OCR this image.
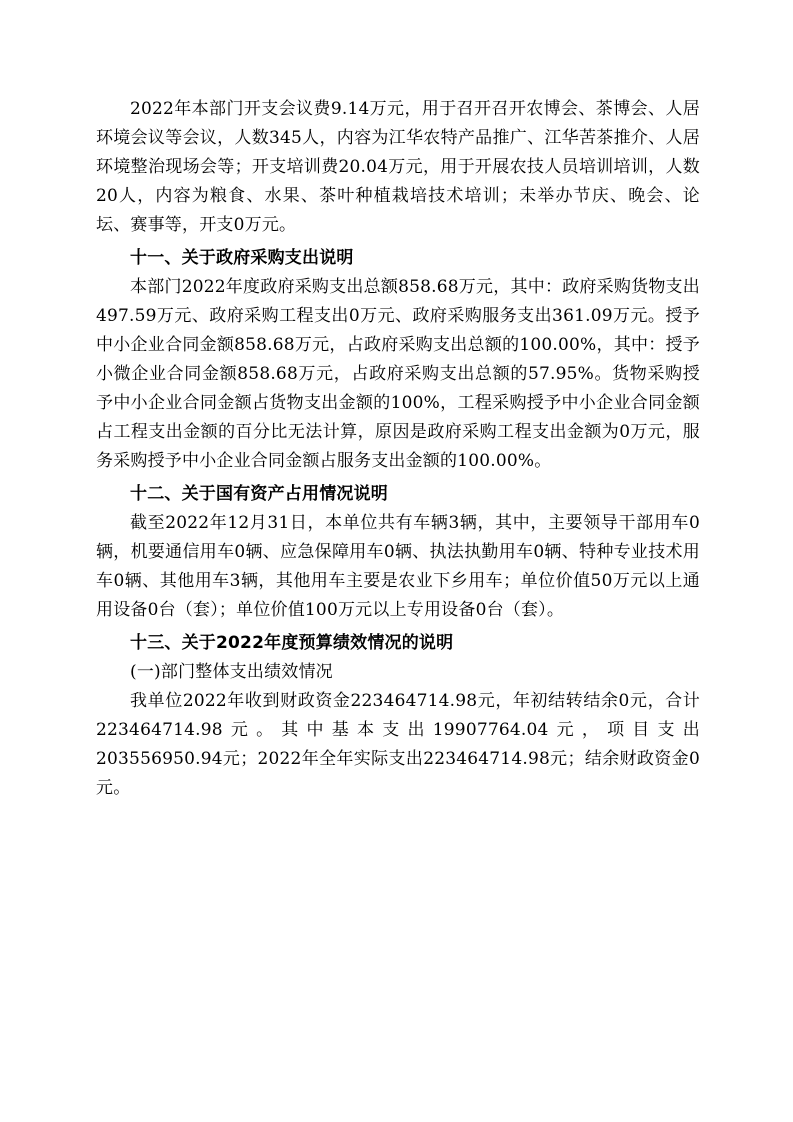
2022年本部门开支会议费9.14万元，用于召开召开农博会、茶博会、人居环境会议等会议，人数345人，内容为江华农特产品推广、江华苦茶推介、人居环境整治现场会等；开支培训费20.04万元，用于开展农技人员培训培训，人数20人，内容为粮食、水果、茶叶种植栽培技术培训；未举办节庆、晚会、论坛、赛事等，开支0万元。

十一、关于政府采购支出说明

本部门2022年度政府采购支出总额858.68万元，其中：政府采购货物支出497.59万元、政府采购工程支出0万元、政府采购服务支出361.09万元。授予中小企业合同金额858.68万元，占政府采购支出总额的100.00%，其中：授予小微企业合同金额858.68万元，占政府采购支出总额的57.95%。货物采购授予中小企业合同金额占货物支出金额的100%，工程采购授予中小企业合同金额占工程支出金额的百分比无法计算，原因是政府采购工程支出金额为0万元，服务采购授予中小企业合同金额占服务支出金额的100.00%。

十二、关于国有资产占用情况说明

截至2022年12月31日，本单位共有车辆3辆，其中，主要领导干部用车0辆，机要通信用车0辆、应急保障用车0辆、执法执勤用车0辆、特种专业技术用车0辆、其他用车3辆，其他用车主要是农业下乡用车；单位价值50万元以上通用设备0台（套）；单位价值100万元以上专用设备0台（套）。

十三、关于2022年度预算绩效情况的说明

(一)部门整体支出绩效情况

我单位2022年收到财政资金223464714.98元，年初结转结余0元，合计223464714.98元。其中基本支出19907764.04元，项目支出203556950.94元；2022年全年实际支出223464714.98元；结余财政资金0元。
